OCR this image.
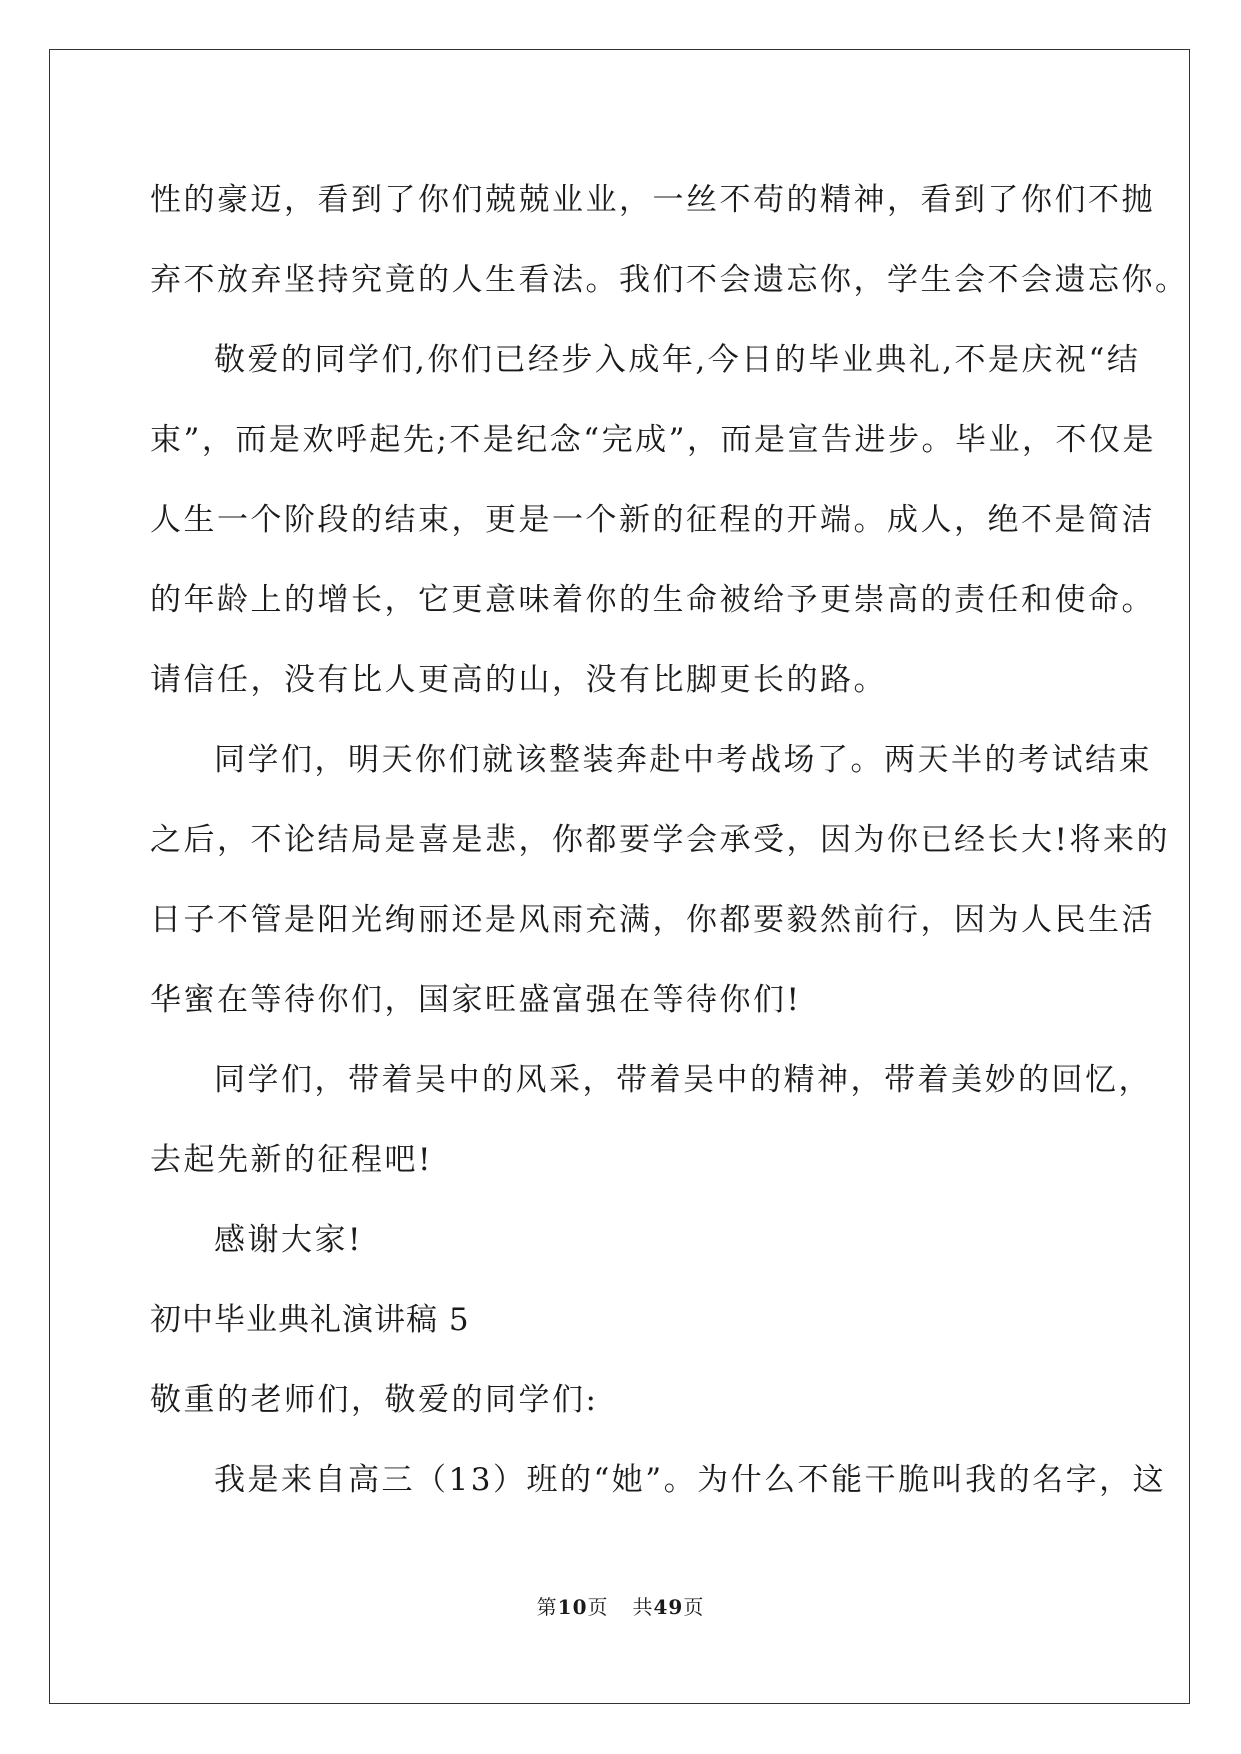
性的豪迈，看到了你们兢兢业业，一丝不苟的精神，看到了你们不抛
弃不放弃坚持究竟的人生看法。我们不会遗忘你，学生会不会遗忘你。
敬爱的同学们,你们已经步入成年,今日的毕业典礼,不是庆祝“结
束”，而是欢呼起先;不是纪念“完成”，而是宣告进步。毕业，不仅是
人生一个阶段的结束，更是一个新的征程的开端。成人，绝不是简洁
的年龄上的增长，它更意味着你的生命被给予更崇高的责任和使命。
请信任，没有比人更高的山，没有比脚更长的路。
同学们，明天你们就该整装奔赴中考战场了。两天半的考试结束
之后，不论结局是喜是悲，你都要学会承受，因为你已经长大!将来的
日子不管是阳光绚丽还是风雨充满，你都要毅然前行，因为人民生活
华蜜在等待你们，国家旺盛富强在等待你们!
同学们，带着吴中的风采，带着吴中的精神，带着美妙的回忆，
去起先新的征程吧!
感谢大家!
初中毕业典礼演讲稿 5
敬重的老师们，敬爱的同学们:
我是来自高三（13）班的“她”。为什么不能干脆叫我的名字，这
第10页 共49页
